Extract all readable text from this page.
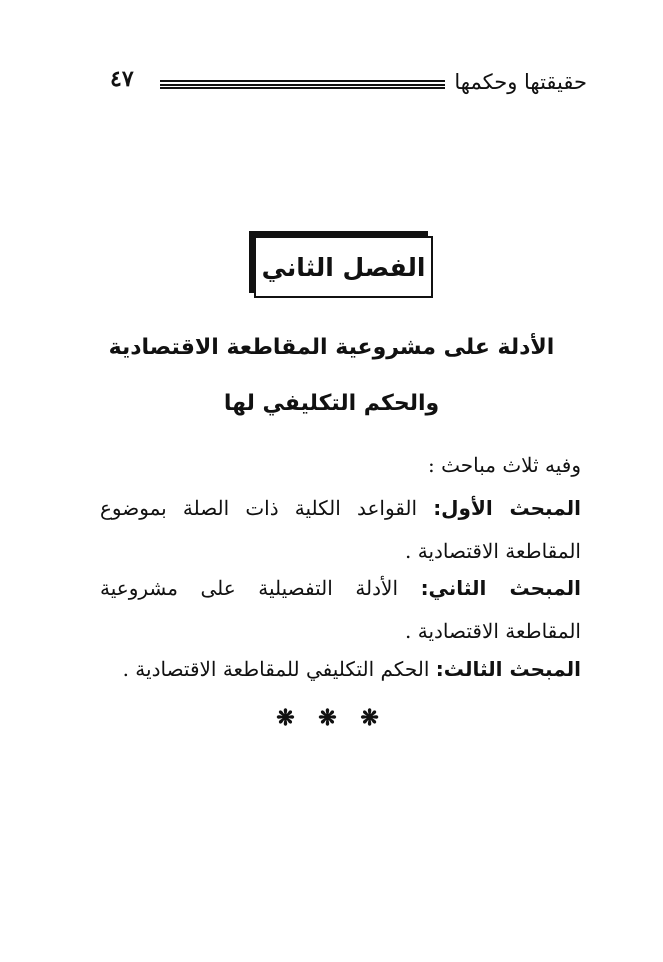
حقيقتها وحكمها
٤٧
الفصل الثاني
الأدلة على مشروعية المقاطعة الاقتصادية
والحكم التكليفي لها
وفيه ثلاث مباحث :
المبحث الأول: القواعد الكلية ذات الصلة بموضوع المقاطعة الاقتصادية .
المبحث الثاني: الأدلة التفصيلية على مشروعية المقاطعة الاقتصادية .
المبحث الثالث: الحكم التكليفي للمقاطعة الاقتصادية .
❋ ❋ ❋
